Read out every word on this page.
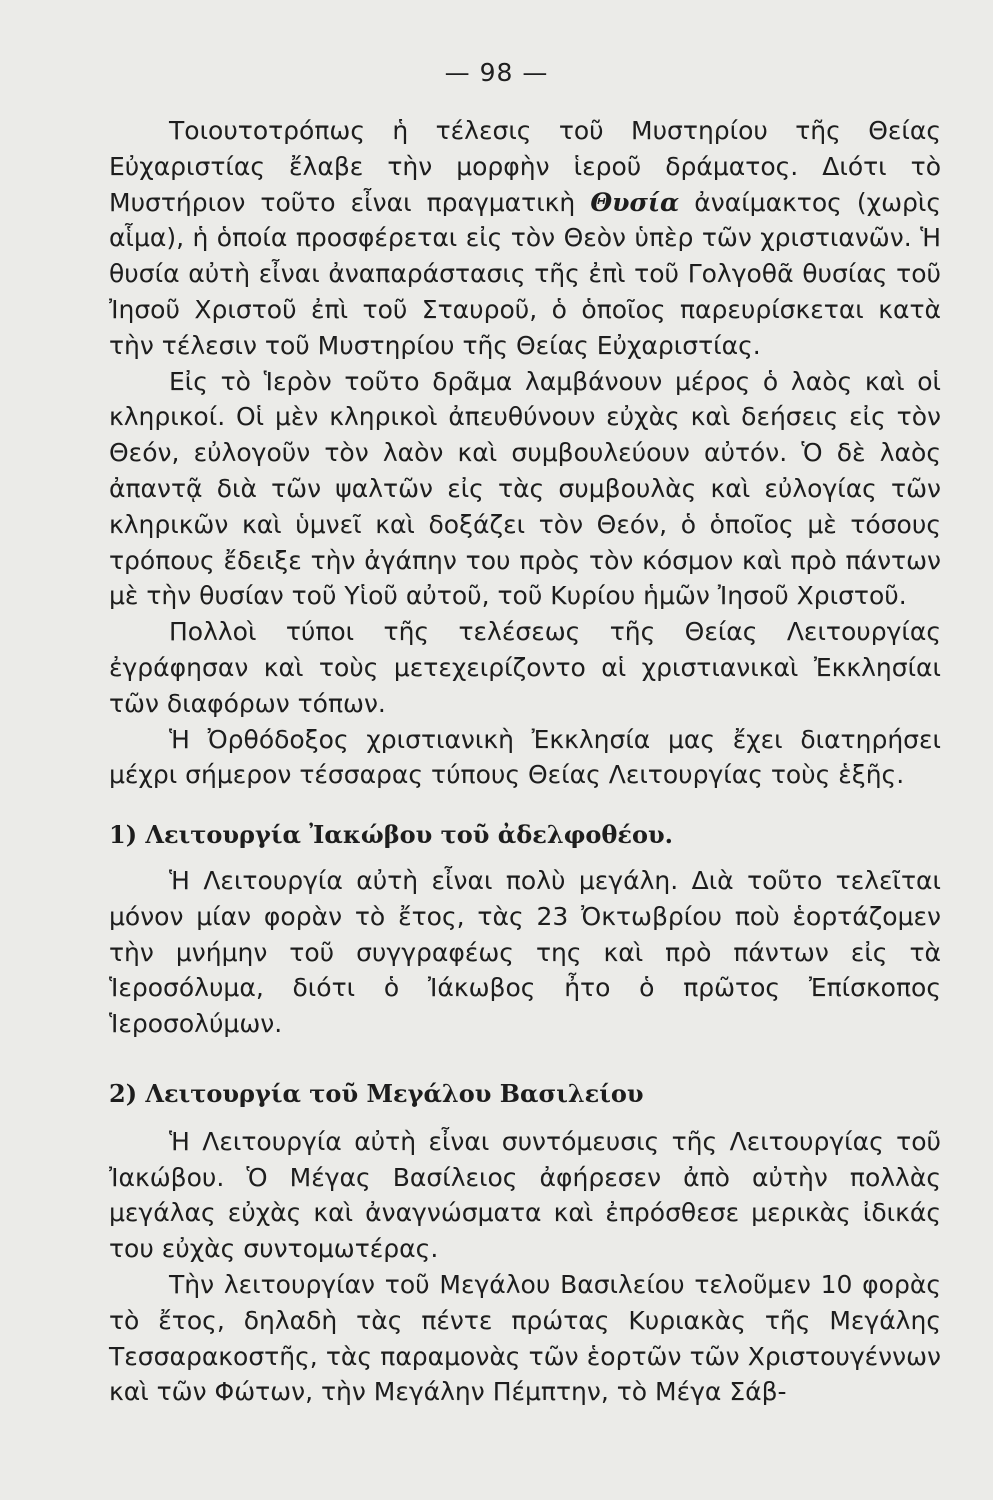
— 98 —

Τοιουτοτρόπως ἡ τέλεσις τοῦ Μυστηρίου τῆς Θείας Εὐχαριστίας ἔλαβε τὴν μορφὴν ἱεροῦ δράματος. Διότι τὸ Μυστήριον τοῦτο εἶναι πραγματικὴ Θυσία ἀναίμακτος (χωρὶς αἷμα), ἡ ὁποία προσφέρεται εἰς τὸν Θεὸν ὑπὲρ τῶν χριστιανῶν. Ἡ θυσία αὐτὴ εἶναι ἀναπαράστασις τῆς ἐπὶ τοῦ Γολγοθᾶ θυσίας τοῦ Ἰησοῦ Χριστοῦ ἐπὶ τοῦ Σταυροῦ, ὁ ὁποῖος παρευρίσκεται κατὰ τὴν τέλεσιν τοῦ Μυστηρίου τῆς Θείας Εὐχαριστίας.

Εἰς τὸ Ἱερὸν τοῦτο δρᾶμα λαμβάνουν μέρος ὁ λαὸς καὶ οἱ κληρικοί. Οἱ μὲν κληρικοὶ ἀπευθύνουν εὐχὰς καὶ δεήσεις εἰς τὸν Θεόν, εὐλογοῦν τὸν λαὸν καὶ συμβουλεύουν αὐτόν. Ὁ δὲ λαὸς ἀπαντᾷ διὰ τῶν ψαλτῶν εἰς τὰς συμβουλὰς καὶ εὐλογίας τῶν κληρικῶν καὶ ὑμνεῖ καὶ δοξάζει τὸν Θεόν, ὁ ὁποῖος μὲ τόσους τρόπους ἔδειξε τὴν ἀγάπην του πρὸς τὸν κόσμον καὶ πρὸ πάντων μὲ τὴν θυσίαν τοῦ Υἱοῦ αὐτοῦ, τοῦ Κυρίου ἡμῶν Ἰησοῦ Χριστοῦ.

Πολλοὶ τύποι τῆς τελέσεως τῆς Θείας Λειτουργίας ἐγράφησαν καὶ τοὺς μετεχειρίζοντο αἱ χριστιανικαὶ Ἐκκλησίαι τῶν διαφόρων τόπων.

Ἡ Ὀρθόδοξος χριστιανικὴ Ἐκκλησία μας ἔχει διατηρήσει μέχρι σήμερον τέσσαρας τύπους Θείας Λειτουργίας τοὺς ἑξῆς.

1) Λειτουργία Ἰακώβου τοῦ ἀδελφοθέου.

Ἡ Λειτουργία αὐτὴ εἶναι πολὺ μεγάλη. Διὰ τοῦτο τελεῖται μόνον μίαν φορὰν τὸ ἔτος, τὰς 23 Ὀκτωβρίου ποὺ ἑορτάζομεν τὴν μνήμην τοῦ συγγραφέως της καὶ πρὸ πάντων εἰς τὰ Ἱεροσόλυμα, διότι ὁ Ἰάκωβος ἦτο ὁ πρῶτος Ἐπίσκοπος Ἱεροσολύμων.

2) Λειτουργία τοῦ Μεγάλου Βασιλείου

Ἡ Λειτουργία αὐτὴ εἶναι συντόμευσις τῆς Λειτουργίας τοῦ Ἰακώβου. Ὁ Μέγας Βασίλειος ἀφήρεσεν ἀπὸ αὐτὴν πολλὰς μεγάλας εὐχὰς καὶ ἀναγνώσματα καὶ ἐπρόσθεσε μερικὰς ἰδικάς του εὐχὰς συντομωτέρας.

Τὴν λειτουργίαν τοῦ Μεγάλου Βασιλείου τελοῦμεν 10 φορὰς τὸ ἔτος, δηλαδὴ τὰς πέντε πρώτας Κυριακὰς τῆς Μεγάλης Τεσσαρακοστῆς, τὰς παραμονὰς τῶν ἑορτῶν τῶν Χριστουγέννων καὶ τῶν Φώτων, τὴν Μεγάλην Πέμπτην, τὸ Μέγα Σάβ-
